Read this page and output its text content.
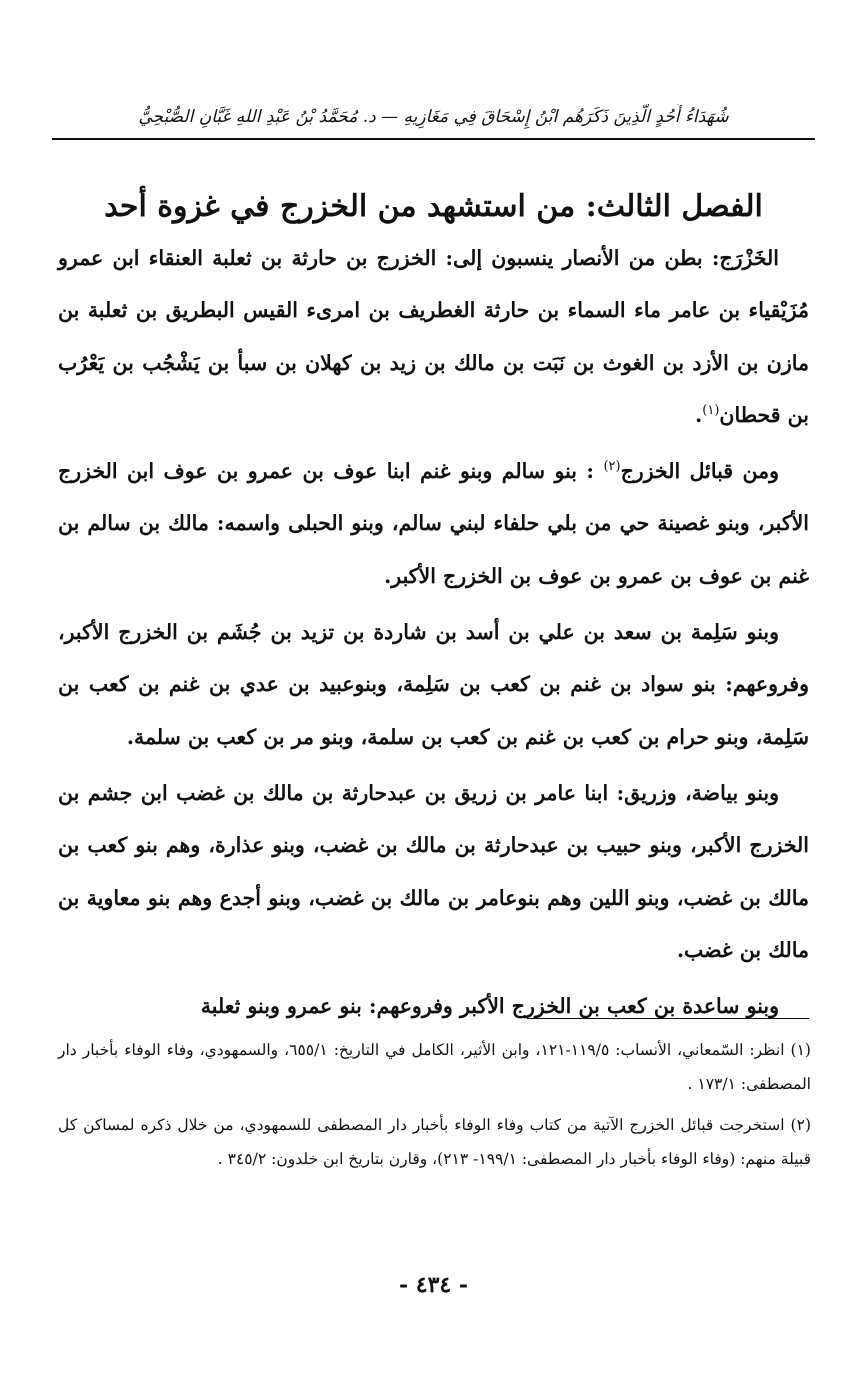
شُهَدَاءُ أُحُدٍ الَّذِينَ ذَكَرَهُم ابْنُ إِسْحَاقَ فِي مَغَازِيهِ — د. مُحَمَّدُ بْنُ عَبْدِ اللهِ غَبَّانِ الصُّبْحِيُّ
الفصل الثالث: من استشهد من الخزرج في غزوة أحد

الخَزْرَج: بطن من الأنصار ينسبون إلى: الخزرج بن حارثة بن ثعلبة العنقاء ابن عمرو مُزَيْقياء بن عامر ماء السماء بن حارثة الغطريف بن امرىء القيس البطريق بن ثعلبة بن مازن بن الأزد بن الغوث بن نَبَت بن مالك بن زيد بن كهلان بن سبأ بن يَشْجُب بن يَعْرُب بن قحطان$^{(١)}$.

ومن قبائل الخزرج$^{(٢)}$ : بنو سالم وبنو غنم ابنا عوف بن عمرو بن عوف ابن الخزرج الأكبر، وبنو غصينة حي من بلي حلفاء لبني سالم، وبنو الحبلى واسمه: مالك بن سالم بن غنم بن عوف بن عمرو بن عوف بن الخزرج الأكبر.

وبنو سَلِمة بن سعد بن علي بن أسد بن شاردة بن تزيد بن جُشَم بن الخزرج الأكبر، وفروعهم: بنو سواد بن غنم بن كعب بن سَلِمة، وبنوعبيد بن عدي بن غنم بن كعب بن سَلِمة، وبنو حرام بن كعب بن غنم بن كعب بن سلمة، وبنو مر بن كعب بن سلمة.

وبنو بياضة، وزريق: ابنا عامر بن زريق بن عبدحارثة بن مالك بن غضب ابن جشم بن الخزرج الأكبر، وبنو حبيب بن عبدحارثة بن مالك بن غضب، وبنو عذارة، وهم بنو كعب بن مالك بن غضب، وبنو اللين وهم بنوعامر بن مالك بن غضب، وبنو أجدع وهم بنو معاوية بن مالك بن غضب.

وبنو ساعدة بن كعب بن الخزرج الأكبر وفروعهم: بنو عمرو وبنو ثعلبة

(١) انظر: السّمعاني، الأنساب: ١١٩/٥-١٢١، وابن الأثير، الكامل في التاريخ: ٦٥٥/١، والسمهودي، وفاء الوفاء بأخبار دار المصطفى: ١٧٣/١ .

(٢) استخرجت قبائل الخزرج الآتية من كتاب وفاء الوفاء بأخبار دار المصطفى للسمهودي، من خلال ذكره لمساكن كل قبيلة منهم: (وفاء الوفاء بأخبار دار المصطفى: ١٩٩/١- ٢١٣)، وقارن بتاريخ ابن خلدون: ٣٤٥/٢ .

- ٤٣٤ -
